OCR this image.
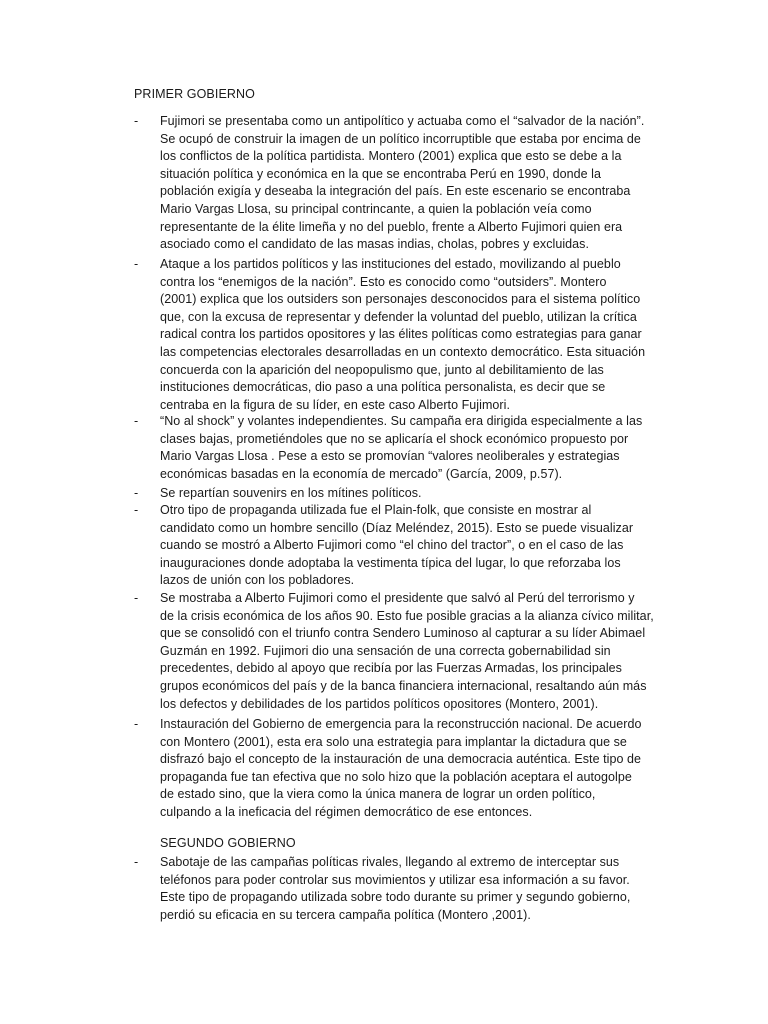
PRIMER GOBIERNO
SEGUNDO GOBIERNO
- Fujimori se presentaba como un antipolítico y actuaba como el “salvador de la nación”.
Se ocupó de construir la imagen de un político incorruptible que estaba por encima de
los conflictos de la política partidista. Montero (2001) explica que esto se debe a la
situación política y económica en la que se encontraba Perú en 1990, donde la
población exigía y deseaba la integración del país. En este escenario se encontraba
Mario Vargas Llosa, su principal contrincante, a quien la población veía como
representante de la élite limeña y no del pueblo, frente a Alberto Fujimori quien era
asociado como el candidato de las masas indias, cholas, pobres y excluidas.

- Ataque a los partidos políticos y las instituciones del estado, movilizando al pueblo
contra los “enemigos de la nación”. Esto es conocido como “outsiders”. Montero
(2001) explica que los outsiders son personajes desconocidos para el sistema político
que, con la excusa de representar y defender la voluntad del pueblo, utilizan la crítica
radical contra los partidos opositores y las élites políticas como estrategias para ganar
las competencias electorales desarrolladas en un contexto democrático. Esta situación
concuerda con la aparición del neopopulismo que, junto al debilitamiento de las
instituciones democráticas, dio paso a una política personalista, es decir que se
centraba en la figura de su líder, en este caso Alberto Fujimori.

- “No al shock” y volantes independientes. Su campaña era dirigida especialmente a las
clases bajas, prometiéndoles que no se aplicaría el shock económico propuesto por
Mario Vargas Llosa . Pese a esto se promovían “valores neoliberales y estrategias
económicas basadas en la economía de mercado” (García, 2009, p.57).

- Se repartían souvenirs en los mítines políticos.

- Otro tipo de propaganda utilizada fue el Plain-folk, que consiste en mostrar al
candidato como un hombre sencillo (Díaz Meléndez, 2015). Esto se puede visualizar
cuando se mostró a Alberto Fujimori como “el chino del tractor”, o en el caso de las
inauguraciones donde adoptaba la vestimenta típica del lugar, lo que reforzaba los
lazos de unión con los pobladores.

- Se mostraba a Alberto Fujimori como el presidente que salvó al Perú del terrorismo y
de la crisis económica de los años 90. Esto fue posible gracias a la alianza cívico militar,
que se consolidó con el triunfo contra Sendero Luminoso al capturar a su líder Abimael
Guzmán en 1992. Fujimori dio una sensación de una correcta gobernabilidad sin
precedentes, debido al apoyo que recibía por las Fuerzas Armadas, los principales
grupos económicos del país y de la banca financiera internacional, resaltando aún más
los defectos y debilidades de los partidos políticos opositores (Montero, 2001).

- Instauración del Gobierno de emergencia para la reconstrucción nacional. De acuerdo
con Montero (2001), esta era solo una estrategia para implantar la dictadura que se
disfrazó bajo el concepto de la instauración de una democracia auténtica. Este tipo de
propaganda fue tan efectiva que no solo hizo que la población aceptara el autogolpe
de estado sino, que la viera como la única manera de lograr un orden político,
culpando a la ineficacia del régimen democrático de ese entonces.

- Sabotaje de las campañas políticas rivales, llegando al extremo de interceptar sus
teléfonos para poder controlar sus movimientos y utilizar esa información a su favor.
Este tipo de propagando utilizada sobre todo durante su primer y segundo gobierno,
perdió su eficacia en su tercera campaña política (Montero ,2001).
